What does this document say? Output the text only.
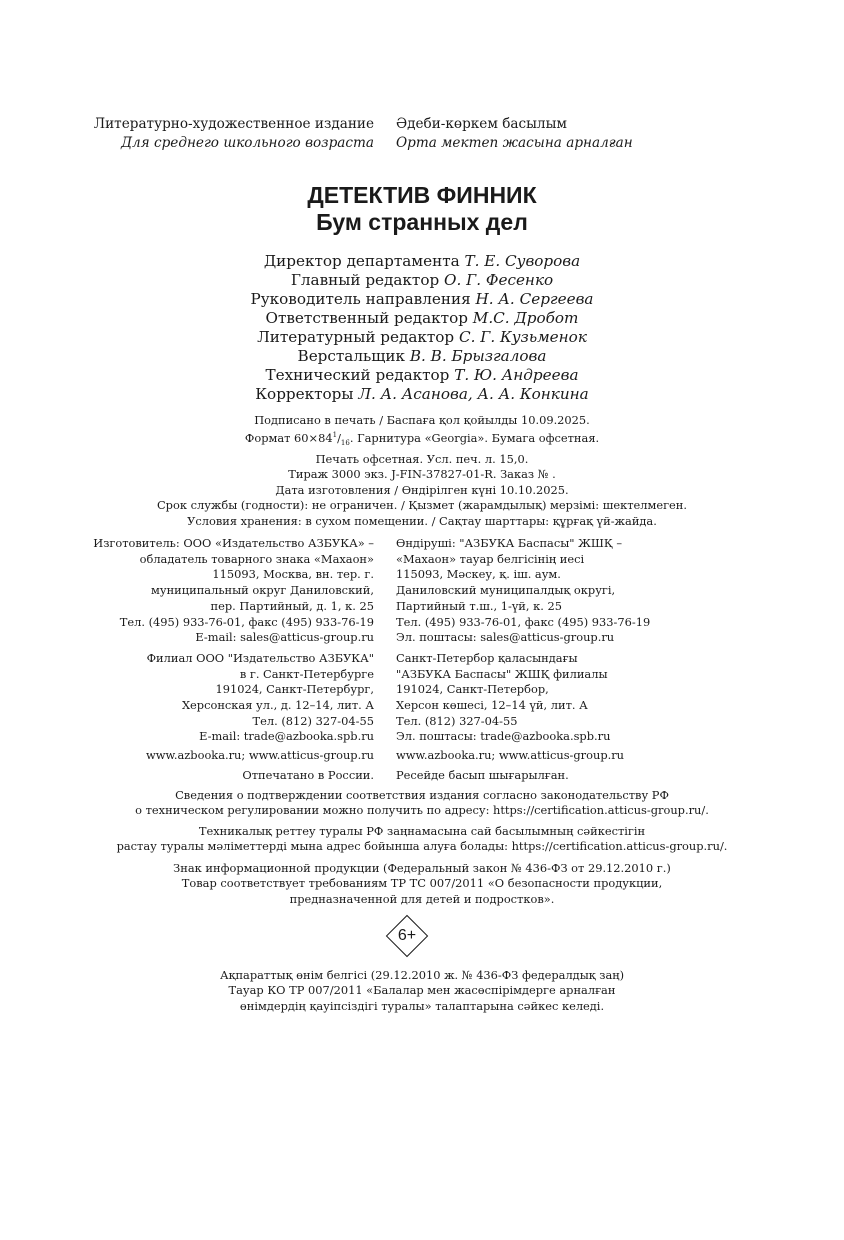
Литературно-художественное издание	Әдеби-көркем басылым
Для среднего школьного возраста	Орта мектеп жасына арналған
ДЕТЕКТИВ ФИННИК
Бум странных дел
Директор департамента Т. Е. Суворова
Главный редактор О. Г. Фесенко
Руководитель направления Н. А. Сергеева
Ответственный редактор М.С. Дробот
Литературный редактор С. Г. Кузьменок
Верстальщик В. В. Брызгалова
Технический редактор Т. Ю. Андреева
Корректоры Л. А. Асанова, А. А. Конкина
Подписано в печать / Баспаға қол қойылды 10.09.2025.
Формат $60\times 84^1/_{16}$. Гарнитура «Georgia». Бумага офсетная.
Печать офсетная. Усл. печ. л. 15,0.
Тираж 3000 экз. J-FIN-37827-01-R. Заказ № .
Дата изготовления / Өндірілген күні 10.10.2025.
Срок службы (годности): не ограничен. / Қызмет (жарамдылық) мерзімі: шектелмеген.
Условия хранения: в сухом помещении. / Сақтау шарттары: құрғақ үй-жайда.
Изготовитель: ООО «Издательство АЗБУКА» –	Өндіруші: "АЗБУКА Баспасы" ЖШҚ –
обладатель товарного знака «Махаон»	«Махаон» тауар белгісінің иесі
115093, Москва, вн. тер. г.	115093, Мәскеу, қ. іш. аум.
муниципальный округ Даниловский,	Даниловский муниципалдық округі,
пер. Партийный, д. 1, к. 25	Партийный т.ш., 1-үй, к. 25
Тел. (495) 933-76-01, факс (495) 933-76-19	Тел. (495) 933-76-01, факс (495) 933-76-19
E-mail: sales@atticus-group.ru	Эл. поштасы: sales@atticus-group.ru
Филиал ООО "Издательство АЗБУКА"	Санкт-Петербор қаласындағы
в г. Санкт-Петербурге	"АЗБУКА Баспасы" ЖШҚ филиалы
191024, Санкт-Петербург,	191024, Санкт-Петербор,
Херсонская ул., д. 12–14, лит. А	Херсон көшесі, 12–14 үй, лит. А
Тел. (812) 327-04-55	Тел. (812) 327-04-55
E-mail: trade@azbooka.spb.ru	Эл. поштасы: trade@azbooka.spb.ru
www.azbooka.ru; www.atticus-group.ru	www.azbooka.ru; www.atticus-group.ru
Отпечатано в России.	Ресейде басып шығарылған.
Сведения о подтверждении соответствия издания согласно законодательству РФ
о техническом регулировании можно получить по адресу: https://certification.atticus-group.ru/.
Техникалық реттеу туралы РФ заңнамасына сай басылымның сәйкестігін
растау туралы мәліметтерді мына адрес бойынша алуға болады: https://certification.atticus-group.ru/.
Знак информационной продукции (Федеральный закон № 436-ФЗ от 29.12.2010 г.)
Товар соответствует требованиям ТР ТС 007/2011 «О безопасности продукции,
предназначенной для детей и подростков».
6+
Ақпараттық өнім белгісі (29.12.2010 ж. № 436-ФЗ федералдық заң)
Тауар КО ТР 007/2011 «Балалар мен жасөспірімдерге арналған
өнімдердің қауіпсіздігі туралы» талаптарына сәйкес келеді.
